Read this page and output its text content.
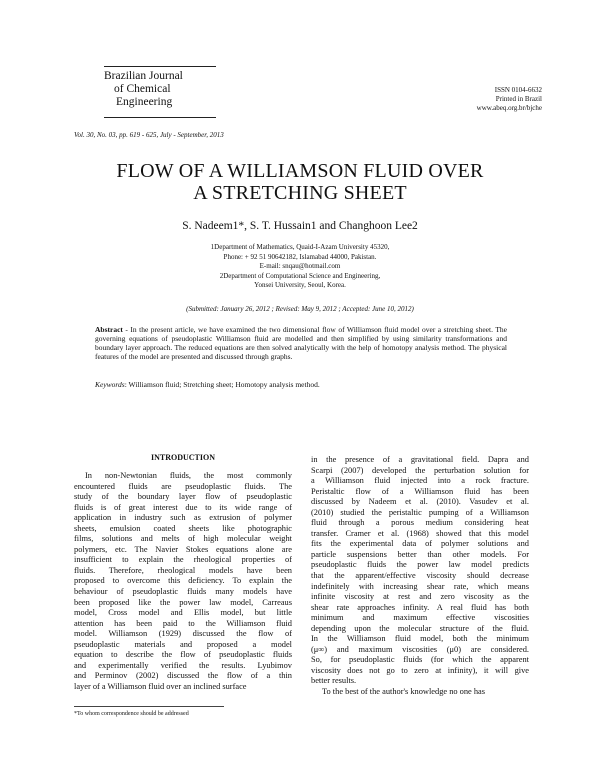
Brazilian Journal
of Chemical
Engineering
ISSN 0104-6632
Printed in Brazil
www.abeq.org.br/bjche
Vol. 30, No. 03, pp. 619 - 625, July - September, 2013
FLOW OF A WILLIAMSON FLUID OVER
A STRETCHING SHEET
S. Nadeem1*, S. T. Hussain1 and Changhoon Lee2
1Department of Mathematics, Quaid-I-Azam University 45320,
Phone: + 92 51 90642182, Islamabad 44000, Pakistan.
E-mail: snqau@hotmail.com
2Department of Computational Science and Engineering,
Yonsei University, Seoul, Korea.
(Submitted: January 26, 2012 ; Revised: May 9, 2012 ; Accepted: June 10, 2012)
Abstract - In the present article, we have examined the two dimensional flow of Williamson fluid model over a stretching sheet. The governing equations of pseudoplastic Williamson fluid are modelled and then simplified by using similarity transformations and boundary layer approach. The reduced equations are then solved analytically with the help of homotopy analysis method. The physical features of the model are presented and discussed through graphs.
Keywords: Williamson fluid; Stretching sheet; Homotopy analysis method.
INTRODUCTION
In non-Newtonian fluids, the most commonly
encountered fluids are pseudoplastic fluids. The
study of the boundary layer flow of pseudoplastic
fluids is of great interest due to its wide range of
application in industry such as extrusion of polymer
sheets, emulsion coated sheets like photographic
films, solutions and melts of high molecular weight
polymers, etc. The Navier Stokes equations alone are
insufficient to explain the rheological properties of
fluids. Therefore, rheological models have been
proposed to overcome this deficiency. To explain the
behaviour of pseudoplastic fluids many models have
been proposed like the power law model, Carreaus
model, Cross model and Ellis model, but little
attention has been paid to the Williamson fluid
model. Williamson (1929) discussed the flow of
pseudoplastic materials and proposed a model
equation to describe the flow of pseudoplastic fluids
and experimentally verified the results. Lyubimov
and Perminov (2002) discussed the flow of a thin
layer of a Williamson fluid over an inclined surface
in the presence of a gravitational field. Dapra and
Scarpi (2007) developed the perturbation solution for
a Williamson fluid injected into a rock fracture.
Peristaltic flow of a Williamson fluid has been
discussed by Nadeem et al. (2010). Vasudev et al.
(2010) studied the peristaltic pumping of a Williamson
fluid through a porous medium considering heat
transfer. Cramer et al. (1968) showed that this model
fits the experimental data of polymer solutions and
particle suspensions better than other models. For
pseudoplastic fluids the power law model predicts
that the apparent/effective viscosity should decrease
indefinitely with increasing shear rate, which means
infinite viscosity at rest and zero viscosity as the
shear rate approaches infinity. A real fluid has both
minimum and maximum effective viscosities
depending upon the molecular structure of the fluid.
In the Williamson fluid model, both the minimum
(μ∞) and maximum viscosities (μ0) are considered.
So, for pseudoplastic fluids (for which the apparent
viscosity does not go to zero at infinity), it will give
better results.
To the best of the author's knowledge no one has
*To whom correspondence should be addressed
